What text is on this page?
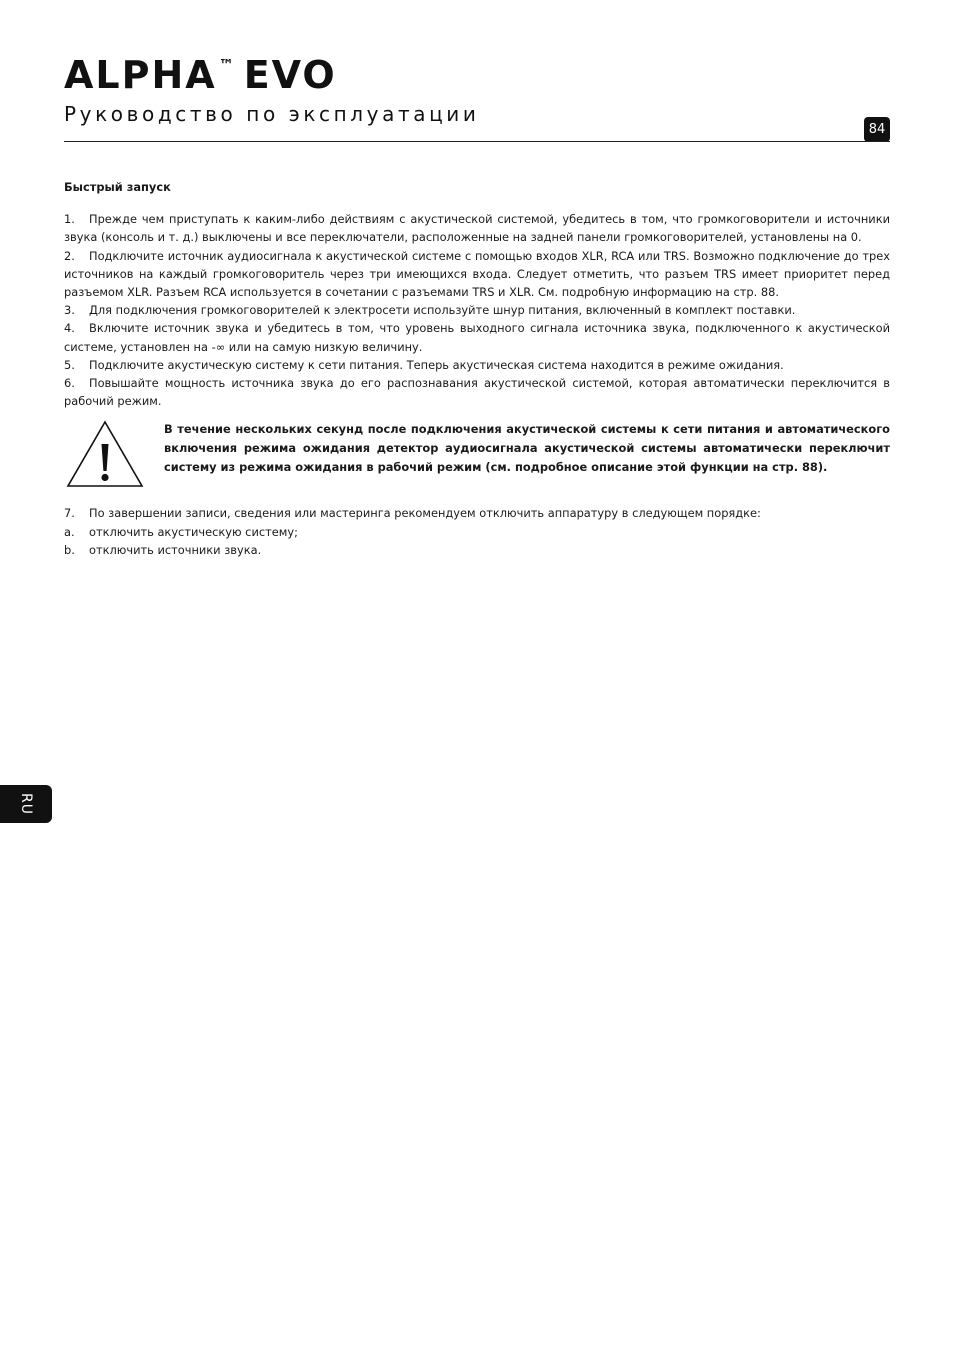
ALPHA ™ EVO
Руководство по эксплуатации
84

Быстрый запуск

1. Прежде чем приступать к каким-либо действиям с акустической системой, убедитесь в том, что громкоговорители и источники звука (консоль и т. д.) выключены и все переключатели, расположенные на задней панели громкоговорителей, установлены на 0.

2. Подключите источник аудиосигнала к акустической системе с помощью входов XLR, RCA или TRS. Возможно подключение до трех источников на каждый громкоговоритель через три имеющихся входа. Следует отметить, что разъем TRS имеет приоритет перед разъемом XLR. Разъем RCA используется в сочетании с разъемами TRS и XLR. См. подробную информацию на стр. 88.

3. Для подключения громкоговорителей к электросети используйте шнур питания, включенный в комплект поставки.

4. Включите источник звука и убедитесь в том, что уровень выходного сигнала источника звука, подключенного к акустической системе, установлен на -∞ или на самую низкую величину.

5. Подключите акустическую систему к сети питания. Теперь акустическая система находится в режиме ожидания.

6. Повышайте мощность источника звука до его распознавания акустической системой, которая автоматически переключится в рабочий режим.

В течение нескольких секунд после подключения акустической системы к сети питания и автоматического включения режима ожидания детектор аудиосигнала акустической системы автоматически переключит систему из режима ожидания в рабочий режим (см. подробное описание этой функции на стр. 88).

7. По завершении записи, сведения или мастеринга рекомендуем отключить аппаратуру в следующем порядке:

a. отключить акустическую систему;

b. отключить источники звука.

RU
